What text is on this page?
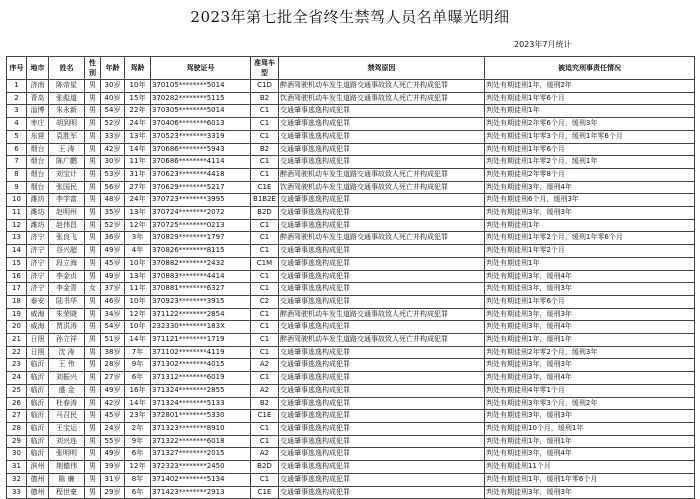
2023年第七批全省终生禁驾人员名单曝光明细
2023年7月统计
序号	地市	姓名	性别	年龄	驾龄	驾驶证号	准驾车型	禁驾原因	被追究刑事责任情况
1	济南	陈帝星	男	30岁	10年	370105********5014	C1D	醉酒驾驶机动车发生道路交通事故致人死亡并构成犯罪	判处有期徒刑1年，缓刑2年
2	青岛	张彪道	男	40岁	15年	370282********5115	B2	饮酒驾驶机动车发生道路交通事故致人死亡并构成犯罪	判处有期徒刑1年零6个月
3	淄博	朱永新	男	54岁	22年	370305********5014	C1	交通肇事逃逸构成犯罪	判处有期徒刑1年
4	枣庄	胡到明	男	52岁	24年	370406********6013	C1	交通肇事逃逸构成犯罪	判处有期徒刑2年零6个月，缓刑3年
5	东营	袁胜军	男	33岁	13年	370523********3319	C1	交通肇事逃逸构成犯罪	判处有期徒刑1年零3个月，缓刑1年零6个月
6	烟台	王 涛	男	42岁	14年	370686********5943	B2	交通肇事逃逸构成犯罪	判处有期徒刑1年零6个月
7	烟台	陈广鹏	男	30岁	11年	370686********4114	C1	交通肇事逃逸构成犯罪	判处有期徒刑1年零2个月，缓刑1年
8	烟台	刘宝计	男	53岁	31年	370623********4418	C1	醉酒驾驶机动车发生道路交通事故致人死亡并构成犯罪	判处有期徒刑2年零8个月
9	烟台	张国民	男	56岁	27年	370629********5217	C1E	饮酒驾驶机动车发生道路交通事故致人死亡并构成犯罪	判处有期徒刑3年，缓刑4年
10	潍坊	李学富	男	48岁	24年	370723********3995	B1B2E	交通肇事逃逸构成犯罪	判处有期徒刑6个月，缓刑3年
11	潍坊	赵明州	男	35岁	13年	370724********2072	B2D	交通肇事逃逸构成犯罪	判处有期徒刑3年，缓刑3年
12	潍坊	赵伟昌	男	52岁	12年	370725********0213	C1	交通肇事逃逸构成犯罪	判处有期徒刑1年
13	济宁	张良飞	男	36岁	3年	370829********1797	C1	醉酒驾驶机动车发生道路交通事故致人死亡并构成犯罪	判处有期徒刑1年零2个月，缓刑1年零6个月
14	济宁	谷兴超	男	49岁	4年	370826********8115	C1	交通肇事逃逸构成犯罪	判处有期徒刑1年零2个月
15	济宁	段立海	男	45岁	10年	370882********2432	C1M	交通肇事逃逸构成犯罪	判处有期徒刑1年
16	济宁	李金贞	男	49岁	13年	370883********4414	C1	交通肇事逃逸构成犯罪	判处有期徒刑3年，缓刑4年
17	济宁	李金青	女	37岁	11年	370881********6327	C1	交通肇事逃逸构成犯罪	判处有期徒刑3年，缓刑3年
18	泰安	陆书华	男	46岁	10年	370923********3915	C2	交通肇事逃逸构成犯罪	判处有期徒刑1年零6个月
19	威海	朱荣晓	男	34岁	12年	371122********2854	C1	醉酒驾驶机动车发生道路交通事故致人死亡并构成犯罪	判处有期徒刑3年，缓刑3年
20	威海	贾洪涛	男	54岁	10年	232330********183X	C1	交通肇事逃逸构成犯罪	判处有期徒刑3年，缓刑4年
21	日照	孙立祥	男	51岁	14年	371121********1719	C1	醉酒驾驶机动车发生道路交通事故致人死亡并构成犯罪	判处有期徒刑1年，缓刑1年
22	日照	沈 涛	男	38岁	7年	371102********4119	C1	交通肇事逃逸构成犯罪	判处有期徒刑2年零2个月，缓刑3年
23	临沂	王 伟	男	28岁	9年	371302********4015	A2	交通肇事逃逸构成犯罪	判处有期徒刑3年，缓刑3年
24	临沂	刘振兴	男	27岁	6年	371312********6019	C1	交通肇事逃逸构成犯罪	判处有期徒刑3年，缓刑4年
25	临沂	盛 金	男	49岁	16年	371324********2855	A2	交通肇事逃逸构成犯罪	判处有期徒刑4年零1个月
26	临沂	杜春涛	男	42岁	14年	371324********5133	B2	交通肇事逃逸构成犯罪	判处有期徒刑3年零3个月，缓刑2年
27	临沂	马召民	男	45岁	23年	372801********5330	C1E	交通肇事逃逸构成犯罪	判处有期徒刑3年，缓刑3年
28	临沂	王宝运	男	24岁	2年	371323********8910	C1	交通肇事逃逸构成犯罪	判处有期徒刑10个月，缓刑1年
29	临沂	刘兴连	男	55岁	9年	371322********6018	C1	交通肇事逃逸构成犯罪	判处有期徒刑1年，缓刑1年
30	临沂	张明明	男	49岁	6年	371327********2015	A2	交通肇事逃逸构成犯罪	判处有期徒刑3年，缓刑4年
31	滨州	荆德伟	男	39岁	12年	372323********2450	B2D	交通肇事逃逸构成犯罪	判处有期徒刑11个月
32	德州	陈 廉	男	31岁	8年	371402********5134	C1	交通肇事逃逸构成犯罪	判处有期徒刑1年，缓刑1年零6个月
33	德州	程世豪	男	29岁	6年	371423********2913	C1E	交通肇事逃逸构成犯罪	判处有期徒刑3年，缓刑3年
